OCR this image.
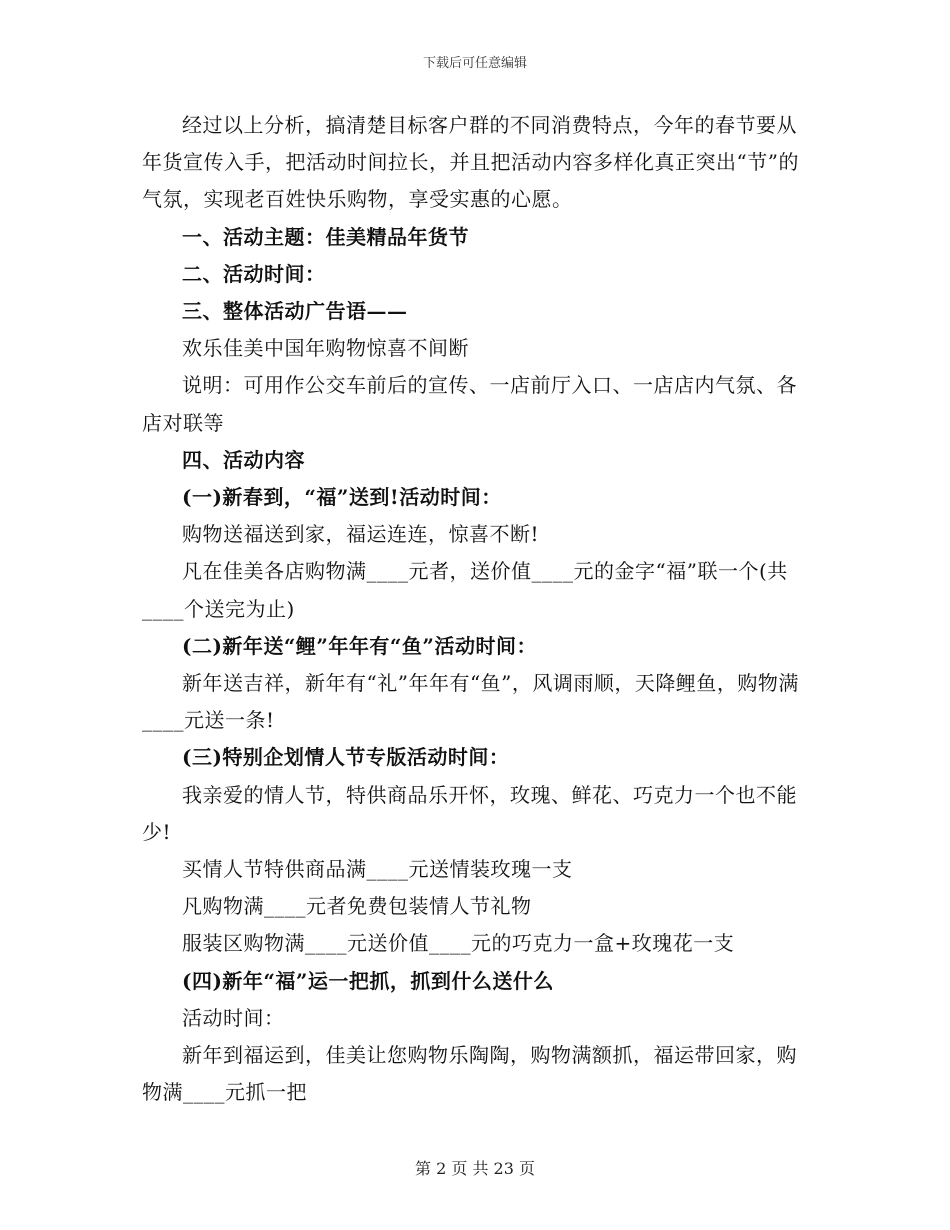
下载后可任意编辑

经过以上分析，搞清楚目标客户群的不同消费特点，今年的春节要从年货宣传入手，把活动时间拉长，并且把活动内容多样化真正突出“节”的气氛，实现老百姓快乐购物，享受实惠的心愿。

一、活动主题：佳美精品年货节

二、活动时间：

三、整体活动广告语——

欢乐佳美中国年购物惊喜不间断

说明：可用作公交车前后的宣传、一店前厅入口、一店店内气氛、各店对联等

四、活动内容

(一)新春到，“福”送到!活动时间：

购物送福送到家，福运连连，惊喜不断!

凡在佳美各店购物满____元者，送价值____元的金字“福”联一个(共____个送完为止)

(二)新年送“鲤”年年有“鱼”活动时间：

新年送吉祥，新年有“礼”年年有“鱼”，风调雨顺，天降鲤鱼，购物满____元送一条!

(三)特别企划情人节专版活动时间：

我亲爱的情人节，特供商品乐开怀，玫瑰、鲜花、巧克力一个也不能少!

买情人节特供商品满____元送情装玫瑰一支

凡购物满____元者免费包装情人节礼物

服装区购物满____元送价值____元的巧克力一盒+玫瑰花一支

(四)新年“福”运一把抓，抓到什么送什么

活动时间：

新年到福运到，佳美让您购物乐陶陶，购物满额抓，福运带回家，购物满____元抓一把

第 2 页 共 23 页
